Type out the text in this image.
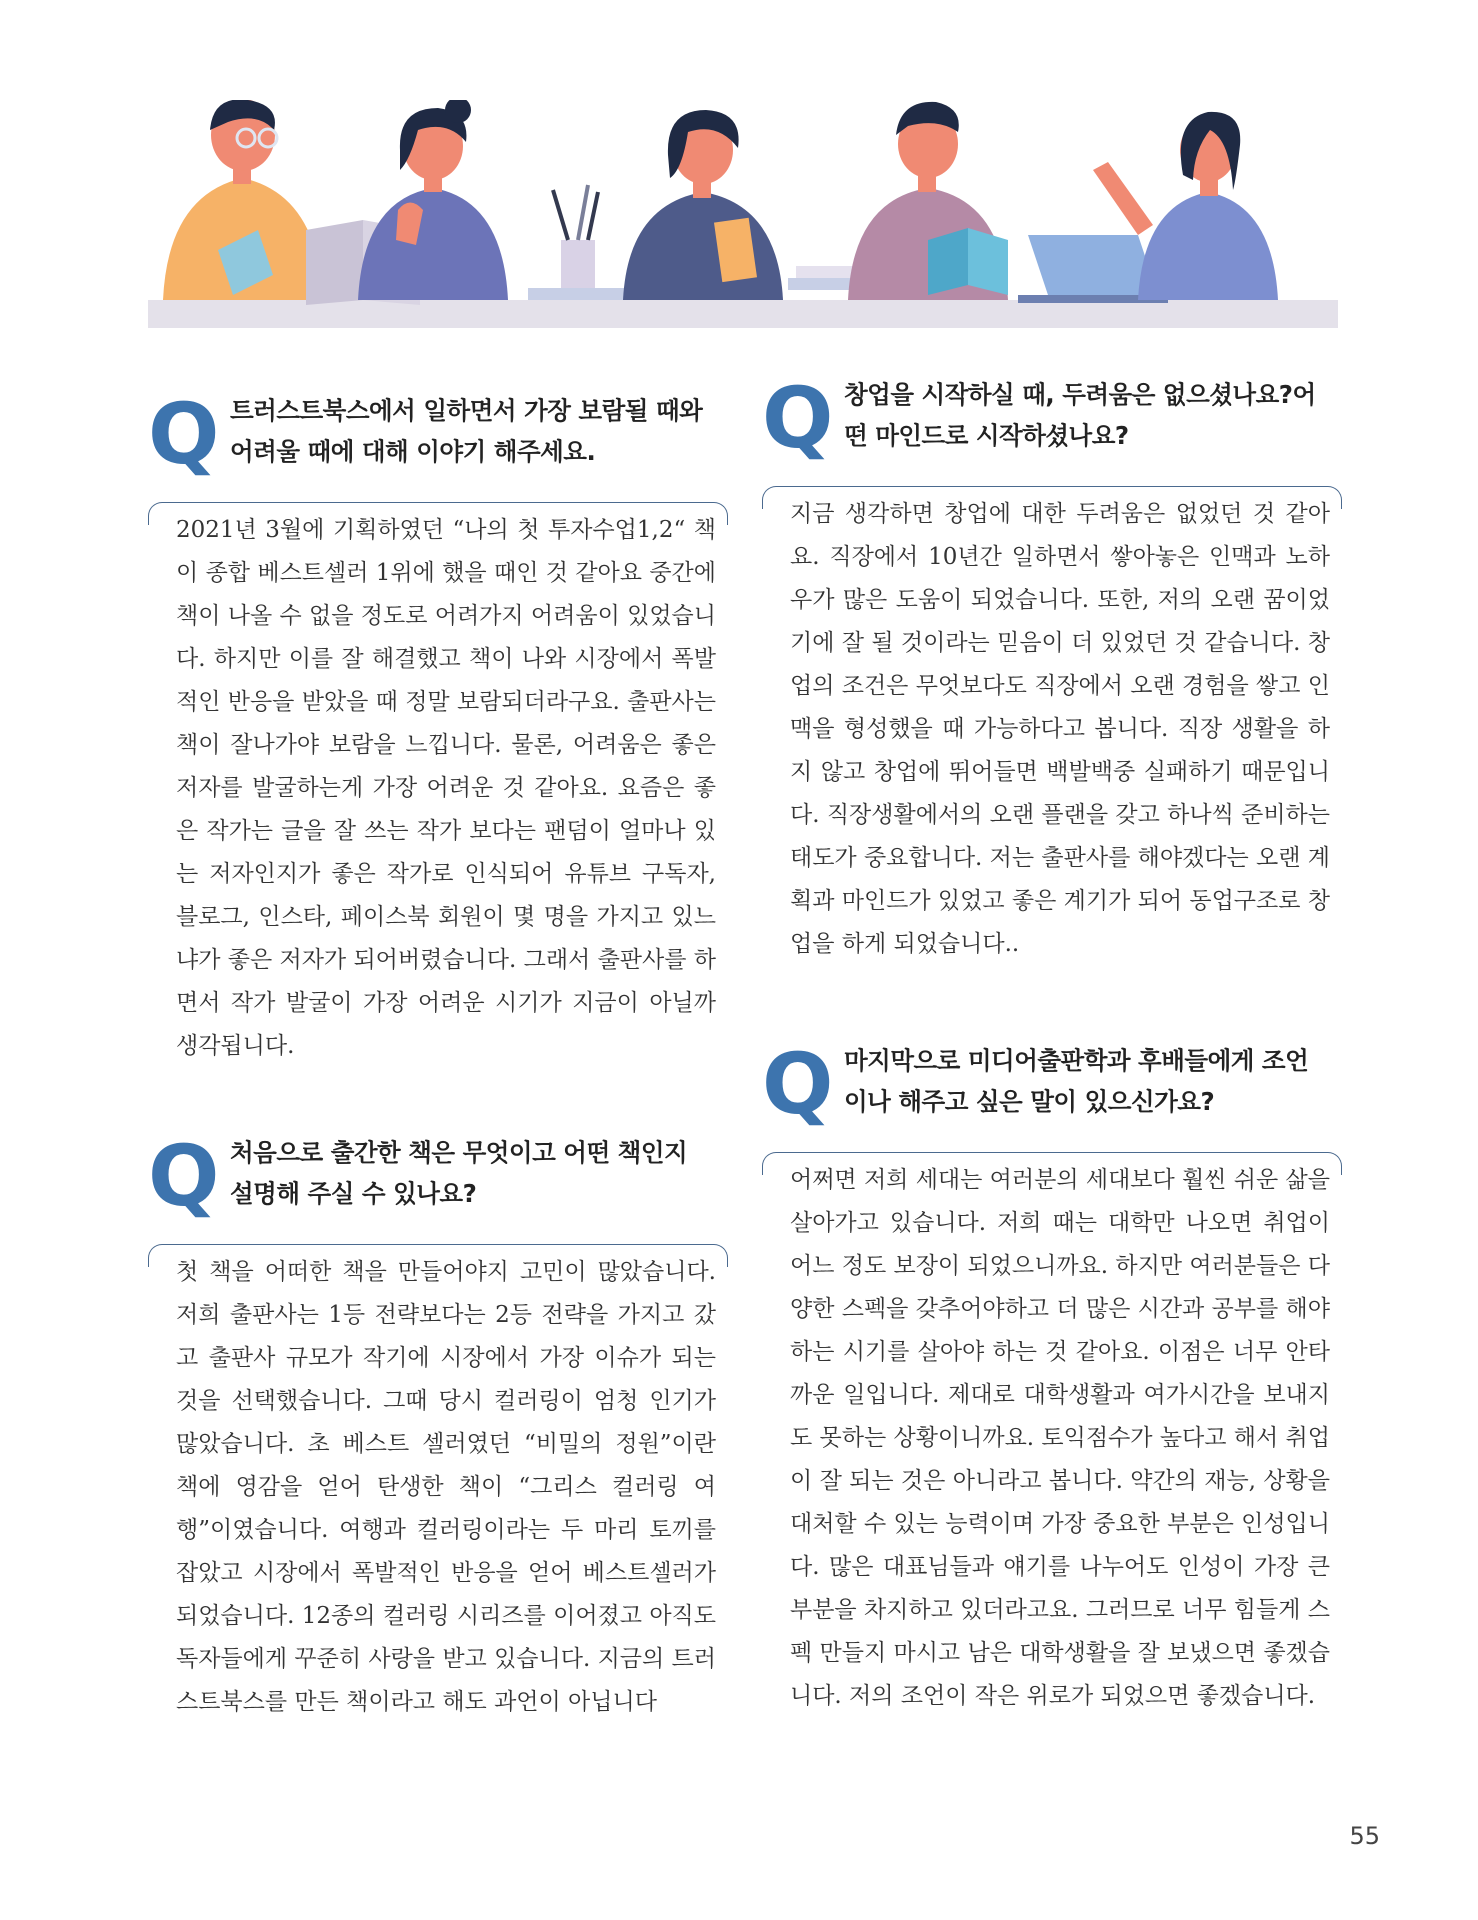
Q 트러스트북스에서 일하면서 가장 보람될 때와
어려울 때에 대해 이야기 해주세요.
2021년 3월에 기획하였던 “나의 첫 투자수업1,2“ 책이 종합 베스트셀러 1위에 했을 때인 것 같아요 중간에 책이 나올 수 없을 정도로 어려가지 어려움이 있었습니다. 하지만 이를 잘 해결했고 책이 나와 시장에서 폭발적인 반응을 받았을 때 정말 보람되더라구요. 출판사는 책이 잘나가야 보람을 느낍니다. 물론, 어려움은 좋은 저자를 발굴하는게 가장 어려운 것 같아요. 요즘은 좋은 작가는 글을 잘 쓰는 작가 보다는 팬덤이 얼마나 있는 저자인지가 좋은 작가로 인식되어 유튜브 구독자, 블로그, 인스타, 페이스북 회원이 몇 명을 가지고 있느냐가 좋은 저자가 되어버렸습니다. 그래서 출판사를 하면서 작가 발굴이 가장 어려운 시기가 지금이 아닐까 생각됩니다.
Q 처음으로 출간한 책은 무엇이고 어떤 책인지
설명해 주실 수 있나요?
첫 책을 어떠한 책을 만들어야지 고민이 많았습니다. 저희 출판사는 1등 전략보다는 2등 전략을 가지고 갔고 출판사 규모가 작기에 시장에서 가장 이슈가 되는 것을 선택했습니다. 그때 당시 컬러링이 엄청 인기가 많았습니다. 초 베스트 셀러였던 “비밀의 정원”이란 책에 영감을 얻어 탄생한 책이 “그리스 컬러링 여행”이였습니다. 여행과 컬러링이라는 두 마리 토끼를 잡았고 시장에서 폭발적인 반응을 얻어 베스트셀러가 되었습니다. 12종의 컬러링 시리즈를 이어졌고 아직도 독자들에게 꾸준히 사랑을 받고 있습니다. 지금의 트러스트북스를 만든 책이라고 해도 과언이 아닙니다
Q 창업을 시작하실 때, 두려움은 없으셨나요?어
떤 마인드로 시작하셨나요?
지금 생각하면 창업에 대한 두려움은 없었던 것 같아요. 직장에서 10년간 일하면서 쌓아놓은 인맥과 노하우가 많은 도움이 되었습니다. 또한, 저의 오랜 꿈이었기에 잘 될 것이라는 믿음이 더 있었던 것 같습니다. 창업의 조건은 무엇보다도 직장에서 오랜 경험을 쌓고 인맥을 형성했을 때 가능하다고 봅니다. 직장 생활을 하지 않고 창업에 뛰어들면 백발백중 실패하기 때문입니다. 직장생활에서의 오랜 플랜을 갖고 하나씩 준비하는 태도가 중요합니다. 저는 출판사를 해야겠다는 오랜 계획과 마인드가 있었고 좋은 계기가 되어 동업구조로 창업을 하게 되었습니다..
Q 마지막으로 미디어출판학과 후배들에게 조언
이나 해주고 싶은 말이 있으신가요?
어쩌면 저희 세대는 여러분의 세대보다 훨씬 쉬운 삶을 살아가고 있습니다. 저희 때는 대학만 나오면 취업이 어느 정도 보장이 되었으니까요. 하지만 여러분들은 다양한 스펙을 갖추어야하고 더 많은 시간과 공부를 해야 하는 시기를 살아야 하는 것 같아요. 이점은 너무 안타까운 일입니다. 제대로 대학생활과 여가시간을 보내지도 못하는 상황이니까요. 토익점수가 높다고 해서 취업이 잘 되는 것은 아니라고 봅니다. 약간의 재능, 상황을 대처할 수 있는 능력이며 가장 중요한 부분은 인성입니다. 많은 대표님들과 얘기를 나누어도 인성이 가장 큰 부분을 차지하고 있더라고요. 그러므로 너무 힘들게 스펙 만들지 마시고 남은 대학생활을 잘 보냈으면 좋겠습니다. 저의 조언이 작은 위로가 되었으면 좋겠습니다.
55
